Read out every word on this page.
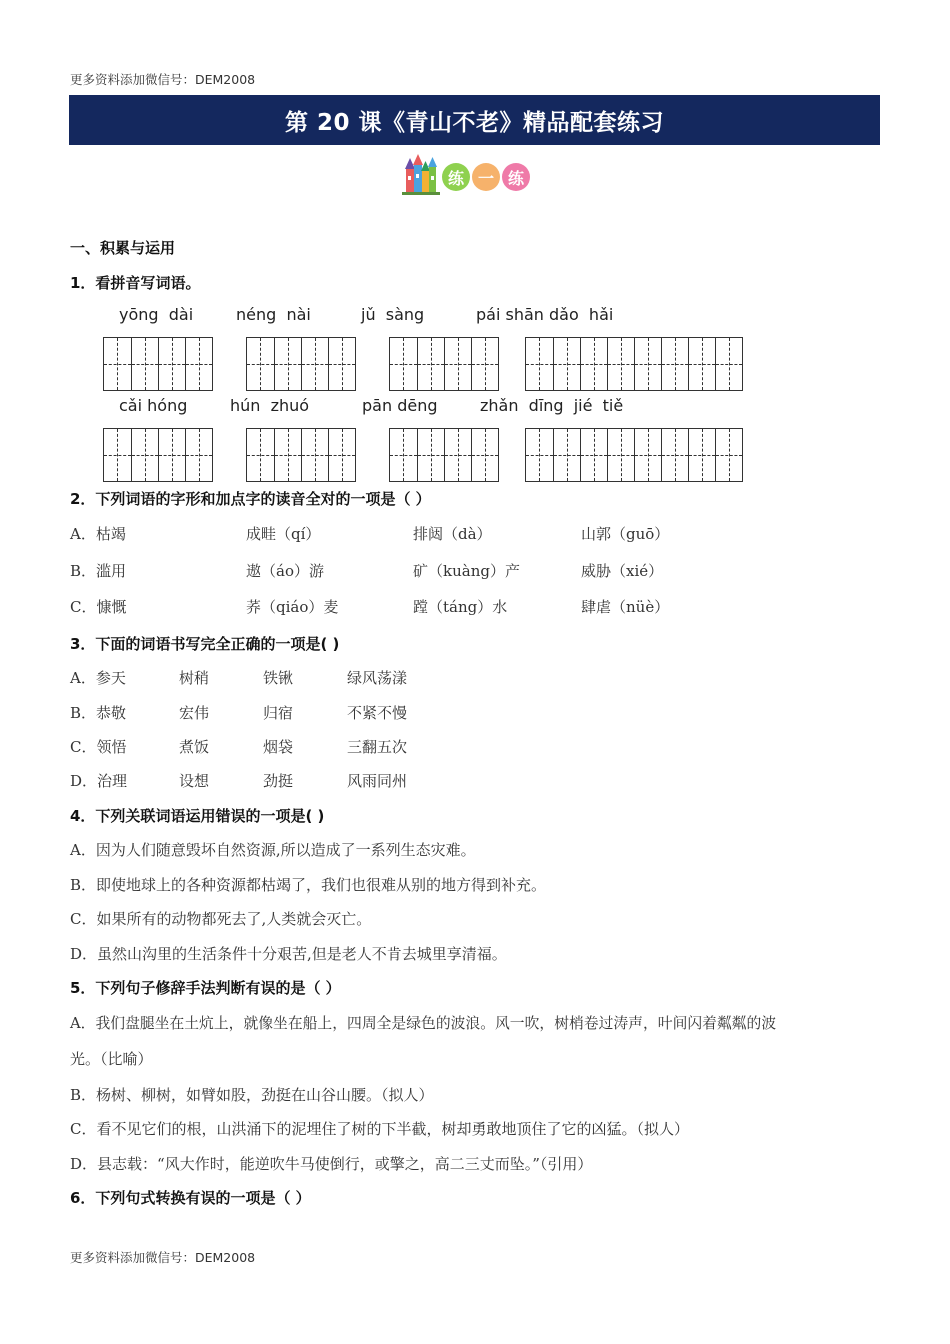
更多资料添加微信号：DEM2008
第 20 课《青山不老》精品配套练习
练 一 练
一、积累与运用
1．看拼音写词语。
yōng  dài	néng  nài	jǔ  sàng	pái shān dǎo  hǎi
cǎi hóng	hún  zhuó	pān dēng	zhǎn  dīng  jié  tiě
2．下列词语的字形和加点字的读音全对的一项是（ ）
A．枯竭	成畦（qí）	排闼（dà）	山郭（guō）
B．滥用	遨（áo）游	矿（kuàng）产	威胁（xié）
C．慷慨	荞（qiáo）麦	蹚（táng）水	肆虐（nüè）
3．下面的词语书写完全正确的一项是( )
A．参天	树稍	铁锹	绿风荡漾
B．恭敬	宏伟	归宿	不紧不慢
C．领悟	煮饭	烟袋	三翻五次
D．治理	设想	劲挺	风雨同州
4．下列关联词语运用错误的一项是( )
A．因为人们随意毁坏自然资源,所以造成了一系列生态灾难。
B．即使地球上的各种资源都枯竭了，我们也很难从别的地方得到补充。
C．如果所有的动物都死去了,人类就会灭亡。
D．虽然山沟里的生活条件十分艰苦,但是老人不肯去城里享清福。
5．下列句子修辞手法判断有误的是（ ）
A．我们盘腿坐在土炕上，就像坐在船上，四周全是绿色的波浪。风一吹，树梢卷过涛声，叶间闪着粼粼的波
光。（比喻）
B．杨树、柳树，如臂如股，劲挺在山谷山腰。（拟人）
C．看不见它们的根，山洪涌下的泥埋住了树的下半截，树却勇敢地顶住了它的凶猛。（拟人）
D．县志载：“风大作时，能逆吹牛马使倒行，或擎之，高二三丈而坠。”（引用）
6．下列句式转换有误的一项是（ ）
更多资料添加微信号：DEM2008
